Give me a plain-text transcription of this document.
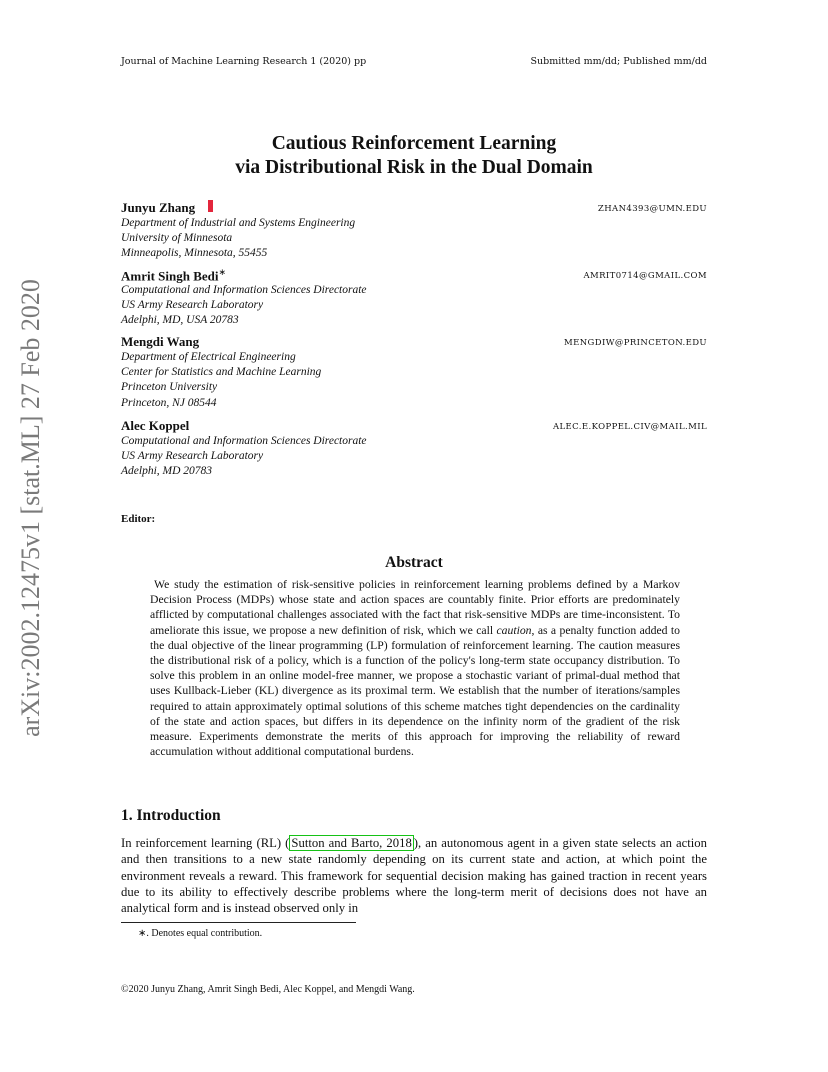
Journal of Machine Learning Research 1 (2020) pp	Submitted mm/dd; Published mm/dd
arXiv:2002.12475v1 [stat.ML] 27 Feb 2020
Cautious Reinforcement Learning
via Distributional Risk in the Dual Domain
Junyu Zhang	ZHAN4393@UMN.EDU
Department of Industrial and Systems Engineering
University of Minnesota
Minneapolis, Minnesota, 55455
Amrit Singh Bedi∗	AMRIT0714@GMAIL.COM
Computational and Information Sciences Directorate
US Army Research Laboratory
Adelphi, MD, USA 20783
Mengdi Wang	MENGDIW@PRINCETON.EDU
Department of Electrical Engineering
Center for Statistics and Machine Learning
Princeton University
Princeton, NJ 08544
Alec Koppel	ALEC.E.KOPPEL.CIV@MAIL.MIL
Computational and Information Sciences Directorate
US Army Research Laboratory
Adelphi, MD 20783
Editor:
Abstract

We study the estimation of risk-sensitive policies in reinforcement learning problems defined by a Markov Decision Process (MDPs) whose state and action spaces are countably finite. Prior efforts are predominately afflicted by computational challenges associated with the fact that risk-sensitive MDPs are time-inconsistent. To ameliorate this issue, we propose a new definition of risk, which we call caution, as a penalty function added to the dual objective of the linear programming (LP) formulation of reinforcement learning. The caution measures the distributional risk of a policy, which is a function of the policy's long-term state occupancy distribution. To solve this problem in an online model-free manner, we propose a stochastic variant of primal-dual method that uses Kullback-Lieber (KL) divergence as its proximal term. We establish that the number of iterations/samples required to attain approximately optimal solutions of this scheme matches tight dependencies on the cardinality of the state and action spaces, but differs in its dependence on the infinity norm of the gradient of the risk measure. Experiments demonstrate the merits of this approach for improving the reliability of reward accumulation without additional computational burdens.

1. Introduction

In reinforcement learning (RL) ( Sutton and Barto, 2018 ), an autonomous agent in a given state selects an action and then transitions to a new state randomly depending on its current state and action, at which point the environment reveals a reward. This framework for sequential decision making has gained traction in recent years due to its ability to effectively describe problems where the long-term merit of decisions does not have an analytical form and is instead observed only in

∗. Denotes equal contribution.
©2020 Junyu Zhang, Amrit Singh Bedi, Alec Koppel, and Mengdi Wang.
